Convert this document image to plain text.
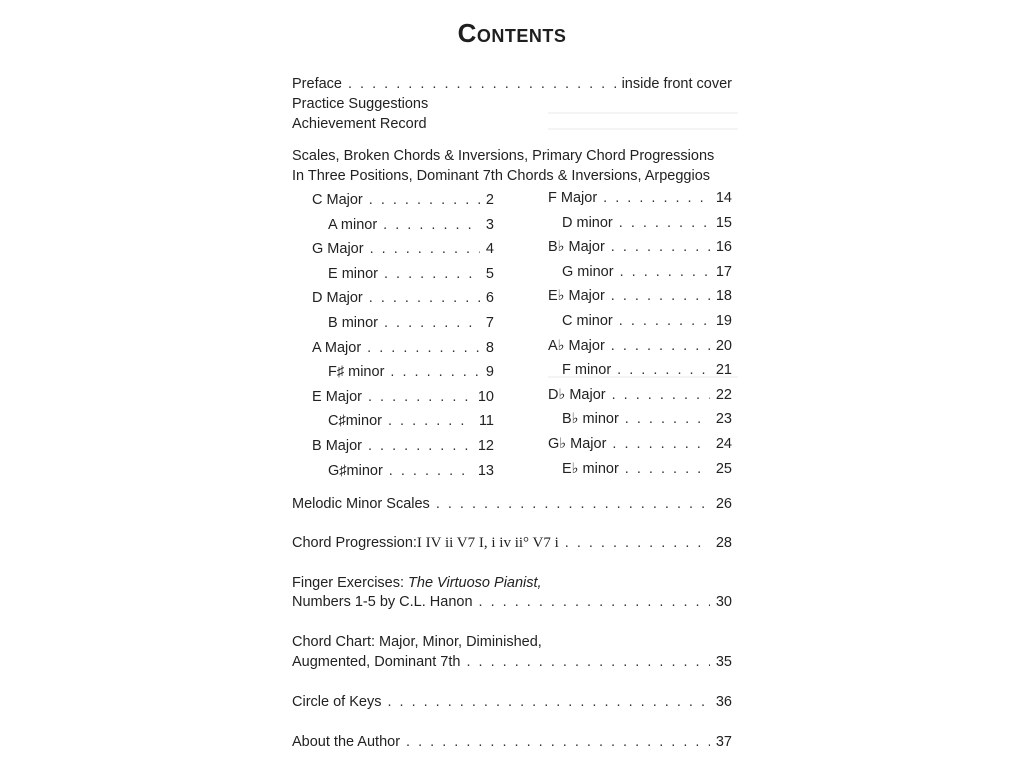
Contents
Preface . . .	inside front cover
Practice Suggestions
Achievement Record
Scales, Broken Chords & Inversions, Primary Chord Progressions
In Three Positions, Dominant 7th Chords & Inversions, Arpeggios
C Major . . .	2
A minor . . .	3
G Major . . .	4
E minor . . .	5
D Major . . .	6
B minor . . .	7
A Major . . .	8
F♯ minor . . .	9
E Major . . .	10
C♯minor . . .	11
B Major . . .	12
G♯minor . . .	13
F Major . . .	14
D minor . . .	15
B♭ Major . . .	16
G minor . . .	17
E♭ Major . . .	18
C minor . . .	19
A♭ Major . . .	20
F minor . . .	21
D♭ Major . . .	22
B♭ minor . . .	23
G♭ Major . . .	24
E♭ minor . . .	25
Melodic Minor Scales . . .	26
Chord Progression: I IV ii V7 I, i iv ii° V7 i . . .	28
Finger Exercises: The Virtuoso Pianist,
Numbers 1-5 by C.L. Hanon . . .	30
Chord Chart: Major, Minor, Diminished,
Augmented, Dominant 7th . . .	35
Circle of Keys . . .	36
About the Author . . .	37
